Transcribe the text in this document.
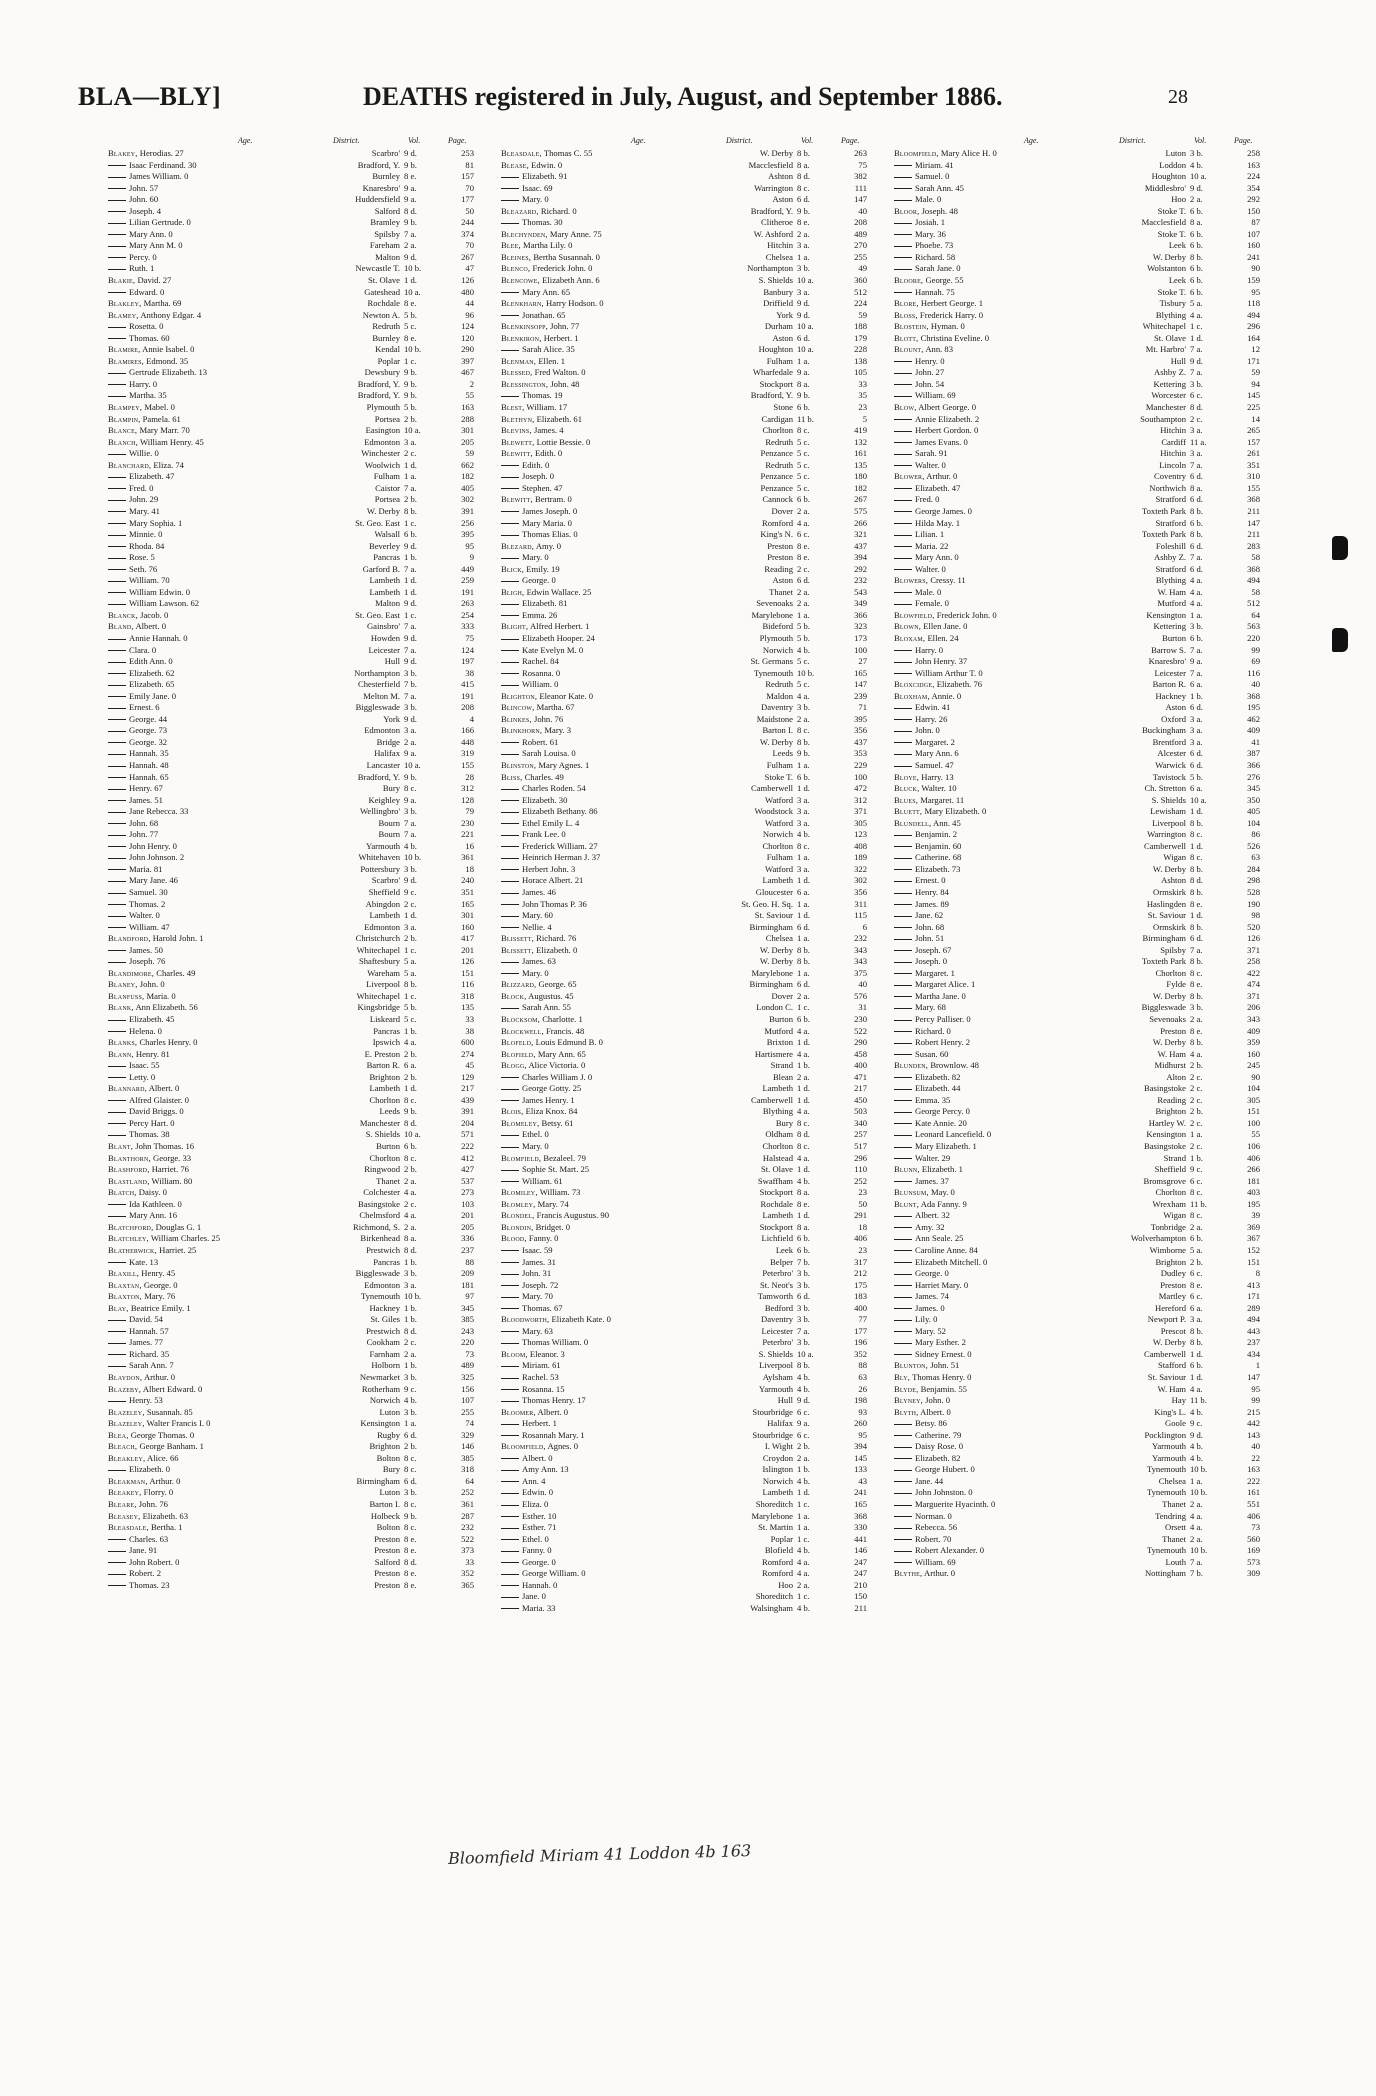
BLA—BLY]	DEATHS registered in July, August, and September 1886.	28
Age.	District.	Vol.	Page.
Blakey, Herodias. 27	Scarbro' 9 d.	253
Isaac Ferdinand. 30	Bradford, Y. 9 b.	81
James William. 0	Burnley 8 e.	157
John. 57	Knaresbro' 9 a.	70
John. 60	Huddersfield 9 a.	177
Joseph. 4	Salford 8 d.	50
Lilian Gertrude. 0	Bramley 9 b.	244
Mary Ann. 0	Spilsby 7 a.	374
Mary Ann M. 0	Fareham 2 a.	70
Percy. 0	Malton 9 d.	267
Ruth. 1	Newcastle T. 10 b.	47
Blakie, David. 27	St. Olave 1 d.	126
Edward. 0	Gateshead 10 a.	480
Blakley, Martha. 69	Rochdale 8 e.	44
Blamey, Anthony Edgar. 4	Newton A. 5 b.	96
Rosetta. 0	Redruth 5 c.	124
Thomas. 60	Burnley 8 e.	120
Blamire, Annie Isabel. 0	Kendal 10 b.	290
Blamires, Edmond. 35	Poplar 1 c.	397
Gertrude Elizabeth. 13	Dewsbury 9 b.	467
Harry. 0	Bradford, Y. 9 b.	2
Martha. 35	Bradford, Y. 9 b.	55
Blampey, Mabel. 0	Plymouth 5 b.	163
Blampin, Pamela. 61	Portsea 2 b.	288
Blance, Mary Marr. 70	Easington 10 a.	301
Blanch, William Henry. 45	Edmonton 3 a.	205
Willie. 0	Winchester 2 c.	59
Blanchard, Eliza. 74	Woolwich 1 d.	662
Elizabeth. 47	Fulham 1 a.	182
Fred. 0	Caistor 7 a.	405
John. 29	Portsea 2 b.	302
Mary. 41	W. Derby 8 b.	391
Mary Sophia. 1	St. Geo. East 1 c.	256
Minnie. 0	Walsall 6 b.	395
Rhoda. 84	Beverley 9 d.	95
Rose. 5	Pancras 1 b.	9
Seth. 76	Garford B. 7 a.	449
William. 70	Lambeth 1 d.	259
William Edwin. 0	Lambeth 1 d.	191
William Lawson. 62	Malton 9 d.	263
Blanck, Jacob. 0	St. Geo. East 1 c.	254
Bland, Albert. 0	Gainsbro' 7 a.	333
Annie Hannah. 0	Howden 9 d.	75
Clara. 0	Leicester 7 a.	124
Edith Ann. 0	Hull 9 d.	197
Elizabeth. 62	Northampton 3 b.	38
Elizabeth. 65	Chesterfield 7 b.	415
Emily Jane. 0	Melton M. 7 a.	191
Ernest. 6	Biggleswade 3 b.	208
George. 44	York 9 d.	4
George. 73	Edmonton 3 a.	166
George. 32	Bridge 2 a.	448
Hannah. 35	Halifax 9 a.	319
Hannah. 48	Lancaster 10 a.	155
Hannah. 65	Bradford, Y. 9 b.	28
Henry. 67	Bury 8 c.	312
James. 51	Keighley 9 a.	128
Jane Rebecca. 33	Wellingbro' 3 b.	79
John. 68	Bourn 7 a.	230
John. 77	Bourn 7 a.	221
John Henry. 0	Yarmouth 4 b.	16
John Johnson. 2	Whitehaven 10 b.	361
Maria. 81	Pottersbury 3 b.	18
Mary Jane. 46	Scarbro' 9 d.	240
Samuel. 30	Sheffield 9 c.	351
Thomas. 2	Abingdon 2 c.	165
Walter. 0	Lambeth 1 d.	301
William. 47	Edmonton 3 a.	160
Blandford, Harold John. 1	Christchurch 2 b.	417
James. 50	Whitechapel 1 c.	201
Joseph. 76	Shaftesbury 5 a.	126
Blandimore, Charles. 49	Wareham 5 a.	151
Blaney, John. 0	Liverpool 8 b.	116
Blanfuss, Maria. 0	Whitechapel 1 c.	318
Blank, Ann Elizabeth. 56	Kingsbridge 5 b.	135
Elizabeth. 45	Liskeard 5 c.	33
Helena. 0	Pancras 1 b.	38
Blanks, Charles Henry. 0	Ipswich 4 a.	600
Blann, Henry. 81	E. Preston 2 b.	274
Isaac. 55	Barton R. 6 a.	45
Letty. 0	Brighton 2 b.	129
Blannard, Albert. 0	Lambeth 1 d.	217
Alfred Glaister. 0	Chorlton 8 c.	439
David Briggs. 0	Leeds 9 b.	391
Percy Hart. 0	Manchester 8 d.	204
Thomas. 38	S. Shields 10 a.	571
Blant, John Thomas. 16	Burton 6 b.	222
Blanthorn, George. 33	Chorlton 8 c.	412
Blashford, Harriet. 76	Ringwood 2 b.	427
Blastland, William. 80	Thanet 2 a.	537
Blatch, Daisy. 0	Colchester 4 a.	273
Ida Kathleen. 0	Basingstoke 2 c.	103
Mary Ann. 16	Chelmsford 4 a.	201
Blatchford, Douglas G. 1	Richmond, S. 2 a.	205
Blatchley, William Charles. 25	Birkenhead 8 a.	336
Blatherwick, Harriet. 25	Prestwich 8 d.	237
Kate. 13	Pancras 1 b.	88
Blaxill, Henry. 45	Biggleswade 3 b.	209
Blaxtan, George. 0	Edmonton 3 a.	181
Blaxton, Mary. 76	Tynemouth 10 b.	97
Blay, Beatrice Emily. 1	Hackney 1 b.	345
David. 54	St. Giles 1 b.	385
Hannah. 57	Prestwich 8 d.	243
James. 77	Cookham 2 c.	220
Richard. 35	Farnham 2 a.	73
Sarah Ann. 7	Holborn 1 b.	489
Blaydon, Arthur. 0	Newmarket 3 b.	325
Blazeby, Albert Edward. 0	Rotherham 9 c.	156
Henry. 53	Norwich 4 b.	107
Blazeley, Susannah. 85	Luton 3 b.	255
Blazeley, Walter Francis I. 0	Kensington 1 a.	74
Blea, George Thomas. 0	Rugby 6 d.	329
Bleach, George Banham. 1	Brighton 2 b.	146
Bleakley, Alice. 66	Bolton 8 c.	385
Elizabeth. 0	Bury 8 c.	318
Bleakman, Arthur. 0	Birmingham 6 d.	64
Bleakey, Florry. 0	Luton 3 b.	252
Bleare, John. 76	Barton I. 8 c.	361
Bleasey, Elizabeth. 63	Holbeck 9 b.	287
Bleasdale, Bertha. 1	Bolton 8 c.	232
Charles. 63	Preston 8 e.	522
Jane. 91	Preston 8 e.	373
John Robert. 0	Salford 8 d.	33
Robert. 2	Preston 8 e.	352
Thomas. 23	Preston 8 e.	365
Age.	District.	Vol.	Page.
Bleasdale, Thomas C. 55	W. Derby 8 b.	263
Blease, Edwin. 0	Macclesfield 8 a.	75
Elizabeth. 91	Ashton 8 d.	382
Isaac. 69	Warrington 8 c.	111
Mary. 0	Aston 6 d.	147
Bleazard, Richard. 0	Bradford, Y. 9 b.	40
Thomas. 30	Clitheroe 8 e.	208
Blechynden, Mary Anne. 75	W. Ashford 2 a.	489
Blee, Martha Lily. 0	Hitchin 3 a.	270
Bleines, Bertha Susannah. 0	Chelsea 1 a.	255
Blenco, Frederick John. 0	Northampton 3 b.	49
Blencowe, Elizabeth Ann. 6	S. Shields 10 a.	360
Mary Ann. 65	Banbury 3 a.	512
Blenkharn, Harry Hodson. 0	Driffield 9 d.	224
Jonathan. 65	York 9 d.	59
Blenkinsopp, John. 77	Durham 10 a.	188
Blenkiron, Herbert. 1	Aston 6 d.	179
Sarah Alice. 35	Houghton 10 a.	228
Blenman, Ellen. 1	Fulham 1 a.	138
Blessed, Fred Walton. 0	Wharfedale 9 a.	105
Blessington, John. 48	Stockport 8 a.	33
Thomas. 19	Bradford, Y. 9 b.	35
Blest, William. 17	Stone 6 b.	23
Blethyn, Elizabeth. 61	Cardigan 11 b.	5
Blevins, James. 4	Chorlton 8 c.	419
Blewett, Lottie Bessie. 0	Redruth 5 c.	132
Blewitt, Edith. 0	Penzance 5 c.	161
Edith. 0	Redruth 5 c.	135
Joseph. 0	Penzance 5 c.	180
Stephen. 47	Penzance 5 c.	182
Blewitt, Bertram. 0	Cannock 6 b.	267
James Joseph. 0	Dover 2 a.	575
Mary Maria. 0	Romford 4 a.	266
Thomas Elias. 0	King's N. 6 c.	321
Blezard, Amy. 0	Preston 8 e.	437
Mary. 0	Preston 8 e.	394
Blick, Emily. 19	Reading 2 c.	292
George. 0	Aston 6 d.	232
Bligh, Edwin Wallace. 25	Thanet 2 a.	543
Elizabeth. 81	Sevenoaks 2 a.	349
Emma. 26	Marylebone 1 a.	366
Blight, Alfred Herbert. 1	Bideford 5 b.	323
Elizabeth Hooper. 24	Plymouth 5 b.	173
Kate Evelyn M. 0	Norwich 4 b.	100
Rachel. 84	St. Germans 5 c.	27
Rosanna. 0	Tynemouth 10 b.	165
William. 0	Redruth 5 c.	147
Blighton, Eleanor Kate. 0	Maldon 4 a.	239
Blincow, Martha. 67	Daventry 3 b.	71
Blinkes, John. 76	Maidstone 2 a.	395
Blinkhorn, Mary. 3	Barton I. 8 c.	356
Robert. 61	W. Derby 8 b.	437
Sarah Louisa. 0	Leeds 9 b.	353
Blinston, Mary Agnes. 1	Fulham 1 a.	229
Bliss, Charles. 49	Stoke T. 6 b.	100
Charles Roden. 54	Camberwell 1 d.	472
Elizabeth. 30	Watford 3 a.	312
Elizabeth Bethany. 86	Woodstock 3 a.	371
Ethel Emily L. 4	Watford 3 a.	305
Frank Lee. 0	Norwich 4 b.	123
Frederick William. 27	Chorlton 8 c.	408
Heinrich Herman J. 37	Fulham 1 a.	189
Herbert John. 3	Watford 3 a.	322
Horace Albert. 21	Lambeth 1 d.	302
James. 46	Gloucester 6 a.	356
John Thomas P. 36	St. Geo. H. Sq. 1 a.	311
Mary. 60	St. Saviour 1 d.	115
Nellie. 4	Birmingham 6 d.	6
Blissett, Richard. 76	Chelsea 1 a.	232
Blissett, Elizabeth. 0	W. Derby 8 b.	343
James. 63	W. Derby 8 b.	343
Mary. 0	Marylebone 1 a.	375
Blizzard, George. 65	Birmingham 6 d.	40
Block, Augustus. 45	Dover 2 a.	576
Sarah Ann. 55	London C. 1 c.	31
Blocksom, Charlotte. 1	Burton 6 b.	230
Blockwell, Francis. 48	Mutford 4 a.	522
Blofeld, Louis Edmund B. 0	Brixton 1 d.	290
Blofield, Mary Ann. 65	Hartismere 4 a.	458
Blogg, Alice Victoria. 0	Strand 1 b.	400
Charles William J. 0	Blean 2 a.	471
George Gotty. 25	Lambeth 1 d.	217
James Henry. 1	Camberwell 1 d.	450
Blois, Eliza Knox. 84	Blything 4 a.	503
Blomeley, Betsy. 61	Bury 8 c.	340
Ethel. 0	Oldham 8 d.	257
Mary. 0	Chorlton 8 c.	517
Blomfield, Bezaleel. 79	Halstead 4 a.	296
Sophie St. Mart. 25	St. Olave 1 d.	110
William. 61	Swaffham 4 b.	252
Blomiley, William. 73	Stockport 8 a.	23
Blomley, Mary. 74	Rochdale 8 e.	50
Blondel, Francis Augustus. 90	Lambeth 1 d.	291
Blondin, Bridget. 0	Stockport 8 a.	18
Blood, Fanny. 0	Lichfield 6 b.	406
Isaac. 59	Leek 6 b.	23
James. 31	Belper 7 b.	317
John. 31	Peterbro' 3 b.	212
Joseph. 72	St. Neot's 3 b.	175
Mary. 70	Tamworth 6 d.	183
Thomas. 67	Bedford 3 b.	400
Bloodworth, Elizabeth Kate. 0	Daventry 3 b.	77
Mary. 63	Leicester 7 a.	177
Thomas William. 0	Peterbro' 3 b.	196
Bloom, Eleanor. 3	S. Shields 10 a.	352
Miriam. 61	Liverpool 8 b.	88
Rachel. 53	Aylsham 4 b.	63
Rosanna. 15	Yarmouth 4 b.	26
Thomas Henry. 17	Hull 9 d.	198
Bloomer, Albert. 0	Stourbridge 6 c.	93
Herbert. 1	Halifax 9 a.	260
Rosannah Mary. 1	Stourbridge 6 c.	95
Bloomfield, Agnes. 0	I. Wight 2 b.	394
Albert. 0	Croydon 2 a.	145
Amy Ann. 13	Islington 1 b.	133
Ann. 4	Norwich 4 b.	43
Edwin. 0	Lambeth 1 d.	241
Eliza. 0	Shoreditch 1 c.	165
Esther. 10	Marylebone 1 a.	368
Esther. 71	St. Martin 1 a.	330
Ethel. 0	Poplar 1 c.	441
Fanny. 0	Blofield 4 b.	146
George. 0	Romford 4 a.	247
George William. 0	Romford 4 a.	247
Hannah. 0	Hoo 2 a.	210
Jane. 0	Shoreditch 1 c.	150
Maria. 33	Walsingham 4 b.	211
Age.	District.	Vol.	Page.
Bloomfield, Mary Alice H. 0	Luton 3 b.	258
Miriam. 41	Loddon 4 b.	163
Samuel. 0	Houghton 10 a.	224
Sarah Ann. 45	Middlesbro' 9 d.	354
Male. 0	Hoo 2 a.	292
Bloor, Joseph. 48	Stoke T. 6 b.	150
Josiah. 1	Macclesfield 8 a.	87
Mary. 36	Stoke T. 6 b.	107
Phoebe. 73	Leek 6 b.	160
Richard. 58	W. Derby 8 b.	241
Sarah Jane. 0	Wolstanton 6 b.	90
Bloore, George. 55	Leek 6 b.	159
Hannah. 75	Stoke T. 6 b.	95
Blore, Herbert George. 1	Tisbury 5 a.	118
Bloss, Frederick Harry. 0	Blything 4 a.	494
Blostein, Hyman. 0	Whitechapel 1 c.	296
Blott, Christina Eveline. 0	St. Olave 1 d.	164
Blount, Ann. 83	Mt. Harbro' 7 a.	12
Henry. 0	Hull 9 d.	171
John. 27	Ashby Z. 7 a.	59
John. 54	Kettering 3 b.	94
William. 69	Worcester 6 c.	145
Blow, Albert George. 0	Manchester 8 d.	225
Annie Elizabeth. 2	Southampton 2 c.	14
Herbert Gordon. 0	Hitchin 3 a.	265
James Evans. 0	Cardiff 11 a.	157
Sarah. 91	Hitchin 3 a.	261
Walter. 0	Lincoln 7 a.	351
Blower, Arthur. 0	Coventry 6 d.	310
Elizabeth. 47	Northwich 8 a.	155
Fred. 0	Stratford 6 d.	368
George James. 0	Toxteth Park 8 b.	211
Hilda May. 1	Stratford 6 b.	147
Lilian. 1	Toxteth Park 8 b.	211
Maria. 22	Foleshill 6 d.	283
Mary Ann. 0	Ashby Z. 7 a.	58
Walter. 0	Stratford 6 d.	368
Blowers, Cressy. 11	Blything 4 a.	494
Male. 0	W. Ham 4 a.	58
Female. 0	Mutford 4 a.	512
Blowfield, Frederick John. 0	Kensington 1 a.	64
Blown, Ellen Jane. 0	Kettering 3 b.	563
Bloxam, Ellen. 24	Burton 6 b.	220
Harry. 0	Barrow S. 7 a.	99
John Henry. 37	Knaresbro' 9 a.	69
William Arthur T. 0	Leicester 7 a.	116
Bloxcidge, Elizabeth. 76	Barton R. 6 a.	40
Bloxham, Annie. 0	Hackney 1 b.	368
Edwin. 41	Aston 6 d.	195
Harry. 26	Oxford 3 a.	462
John. 0	Buckingham 3 a.	409
Margaret. 2	Brentford 3 a.	41
Mary Ann. 6	Alcester 6 d.	387
Samuel. 47	Warwick 6 d.	366
Bloye, Harry. 13	Tavistock 5 b.	276
Bluck, Walter. 10	Ch. Stretton 6 a.	345
Blues, Margaret. 11	S. Shields 10 a.	350
Bluett, Mary Elizabeth. 0	Lewisham 1 d.	405
Blundell, Ann. 45	Liverpool 8 b.	104
Benjamin. 2	Warrington 8 c.	86
Benjamin. 60	Camberwell 1 d.	526
Catherine. 68	Wigan 8 c.	63
Elizabeth. 73	W. Derby 8 b.	284
Ernest. 0	Ashton 8 d.	298
Henry. 84	Ormskirk 8 b.	528
James. 89	Haslingden 8 e.	190
Jane. 62	St. Saviour 1 d.	98
John. 68	Ormskirk 8 b.	520
John. 51	Birmingham 6 d.	126
Joseph. 67	Spilsby 7 a.	371
Joseph. 0	Toxteth Park 8 b.	258
Margaret. 1	Chorlton 8 c.	422
Margaret Alice. 1	Fylde 8 e.	474
Martha Jane. 0	W. Derby 8 b.	371
Mary. 68	Biggleswade 3 b.	206
Percy Palliser. 0	Sevenoaks 2 a.	343
Richard. 0	Preston 8 e.	409
Robert Henry. 2	W. Derby 8 b.	359
Susan. 60	W. Ham 4 a.	160
Blunden, Brownlow. 48	Midhurst 2 b.	245
Elizabeth. 82	Alton 2 c.	90
Elizabeth. 44	Basingstoke 2 c.	104
Emma. 35	Reading 2 c.	305
George Percy. 0	Brighton 2 b.	151
Kate Annie. 20	Hartley W. 2 c.	100
Leonard Lancefield. 0	Kensington 1 a.	55
Mary Elizabeth. 1	Basingstoke 2 c.	106
Walter. 29	Strand 1 b.	406
Blunn, Elizabeth. 1	Sheffield 9 c.	266
James. 37	Bromsgrove 6 c.	181
Blunsum, May. 0	Chorlton 8 c.	403
Blunt, Ada Fanny. 9	Wrexham 11 b.	195
Albert. 32	Wigan 8 c.	39
Amy. 32	Tonbridge 2 a.	369
Ann Seale. 25	Wolverhampton 6 b.	367
Caroline Anne. 84	Wimborne 5 a.	152
Elizabeth Mitchell. 0	Brighton 2 b.	151
George. 0	Dudley 6 c.	8
Harriet Mary. 0	Preston 8 e.	413
James. 74	Martley 6 c.	171
James. 0	Hereford 6 a.	289
Lily. 0	Newport P. 3 a.	494
Mary. 52	Prescot 8 b.	443
Mary Esther. 2	W. Derby 8 b.	237
Sidney Ernest. 0	Camberwell 1 d.	434
Blunton, John. 51	Stafford 6 b.	1
Bly, Thomas Henry. 0	St. Saviour 1 d.	147
Blyde, Benjamin. 55	W. Ham 4 a.	95
Blyney, John. 0	Hay 11 b.	99
Blyth, Albert. 0	King's L. 4 b.	215
Betsy. 86	Goole 9 c.	442
Catherine. 79	Pocklington 9 d.	143
Daisy Rose. 0	Yarmouth 4 b.	40
Elizabeth. 82	Yarmouth 4 b.	22
George Hubert. 0	Tynemouth 10 b.	163
Jane. 44	Chelsea 1 a.	222
John Johnston. 0	Tynemouth 10 b.	161
Marguerite Hyacinth. 0	Thanet 2 a.	551
Norman. 0	Tendring 4 a.	406
Rebecca. 56	Orsett 4 a.	73
Robert. 70	Thanet 2 a.	560
Robert Alexander. 0	Tynemouth 10 b.	169
William. 69	Louth 7 a.	573
Blythe, Arthur. 0	Nottingham 7 b.	309
Bloomfield Miriam 41 Loddon 4b 163
